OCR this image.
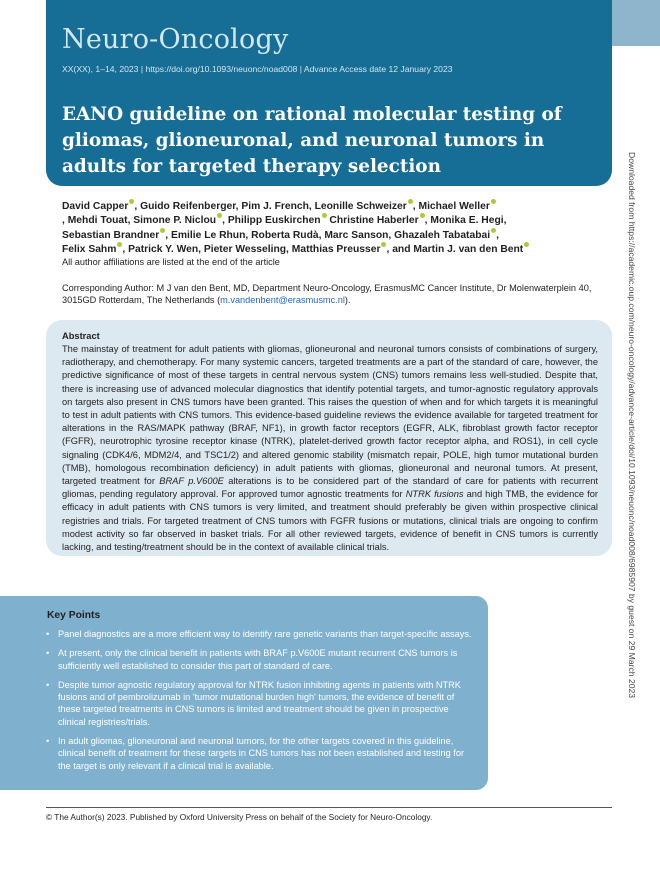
Neuro-Oncology
XX(XX), 1–14, 2023 | https://doi.org/10.1093/neuonc/noad008 | Advance Access date 12 January 2023
EANO guideline on rational molecular testing of gliomas, glioneuronal, and neuronal tumors in adults for targeted therapy selection	Downloaded from https://academic.oup.com/neuro-oncology/advance-article/doi/10.1093/neuonc/noad008/6985907 by guest on 29 March 2023
David Capper , Guido Reifenberger, Pim J. French, Leonille Schweizer , Michael Weller
, Mehdi Touat, Simone P. Niclou , Philipp Euskirchen Christine Haberler , Monika E. Hegi,
Sebastian Brandner , Emilie Le Rhun, Roberta Rudà, Marc Sanson, Ghazaleh Tabatabai ,
Felix Sahm , Patrick Y. Wen, Pieter Wesseling, Matthias Preusser , and Martin J. van den Bent
All author affiliations are listed at the end of the article
Corresponding Author: M J van den Bent, MD, Department Neuro-Oncology, ErasmusMC Cancer Institute, Dr Molenwaterplein 40, 3015GD Rotterdam, The Netherlands (m.vandenbent@erasmusmc.nl).
Abstract
The mainstay of treatment for adult patients with gliomas, glioneuronal and neuronal tumors consists of combinations of surgery, radiotherapy, and chemotherapy. For many systemic cancers, targeted treatments are a part of the standard of care, however, the predictive significance of most of these targets in central nervous system (CNS) tumors remains less well-studied. Despite that, there is increasing use of advanced molecular diagnostics that identify potential targets, and tumor-agnostic regulatory approvals on targets also present in CNS tumors have been granted. This raises the question of when and for which targets it is meaningful to test in adult patients with CNS tumors. This evidence-based guideline reviews the evidence available for targeted treatment for alterations in the RAS/MAPK pathway (BRAF, NF1), in growth factor receptors (EGFR, ALK, fibroblast growth factor receptor (FGFR), neurotrophic tyrosine receptor kinase (NTRK), platelet-derived growth factor receptor alpha, and ROS1), in cell cycle signaling (CDK4/6, MDM2/4, and TSC1/2) and altered genomic stability (mismatch repair, POLE, high tumor mutational burden (TMB), homologous recombination deficiency) in adult patients with gliomas, glioneuronal and neuronal tumors. At present, targeted treatment for BRAF p.V600E alterations is to be considered part of the standard of care for patients with recurrent gliomas, pending regulatory approval. For approved tumor agnostic treatments for NTRK fusions and high TMB, the evidence for efficacy in adult patients with CNS tumors is very limited, and treatment should preferably be given within prospective clinical registries and trials. For targeted treatment of CNS tumors with FGFR fusions or mutations, clinical trials are ongoing to confirm modest activity so far observed in basket trials. For all other reviewed targets, evidence of benefit in CNS tumors is currently lacking, and testing/treatment should be in the context of available clinical trials.
Key Points
• Panel diagnostics are a more efficient way to identify rare genetic variants than target-specific assays.
• At present, only the clinical benefit in patients with BRAF p.V600E mutant recurrent CNS tumors is sufficiently well established to consider this part of standard of care.
• Despite tumor agnostic regulatory approval for NTRK fusion inhibiting agents in patients with NTRK fusions and of pembrolizumab in 'tumor mutational burden high' tumors, the evidence of benefit of these targeted treatments in CNS tumors is limited and treatment should be given in prospective clinical registries/trials.
• In adult gliomas, glioneuronal and neuronal tumors, for the other targets covered in this guideline, clinical benefit of treatment for these targets in CNS tumors has not been established and testing for the target is only relevant if a clinical trial is available.
© The Author(s) 2023. Published by Oxford University Press on behalf of the Society for Neuro-Oncology.
